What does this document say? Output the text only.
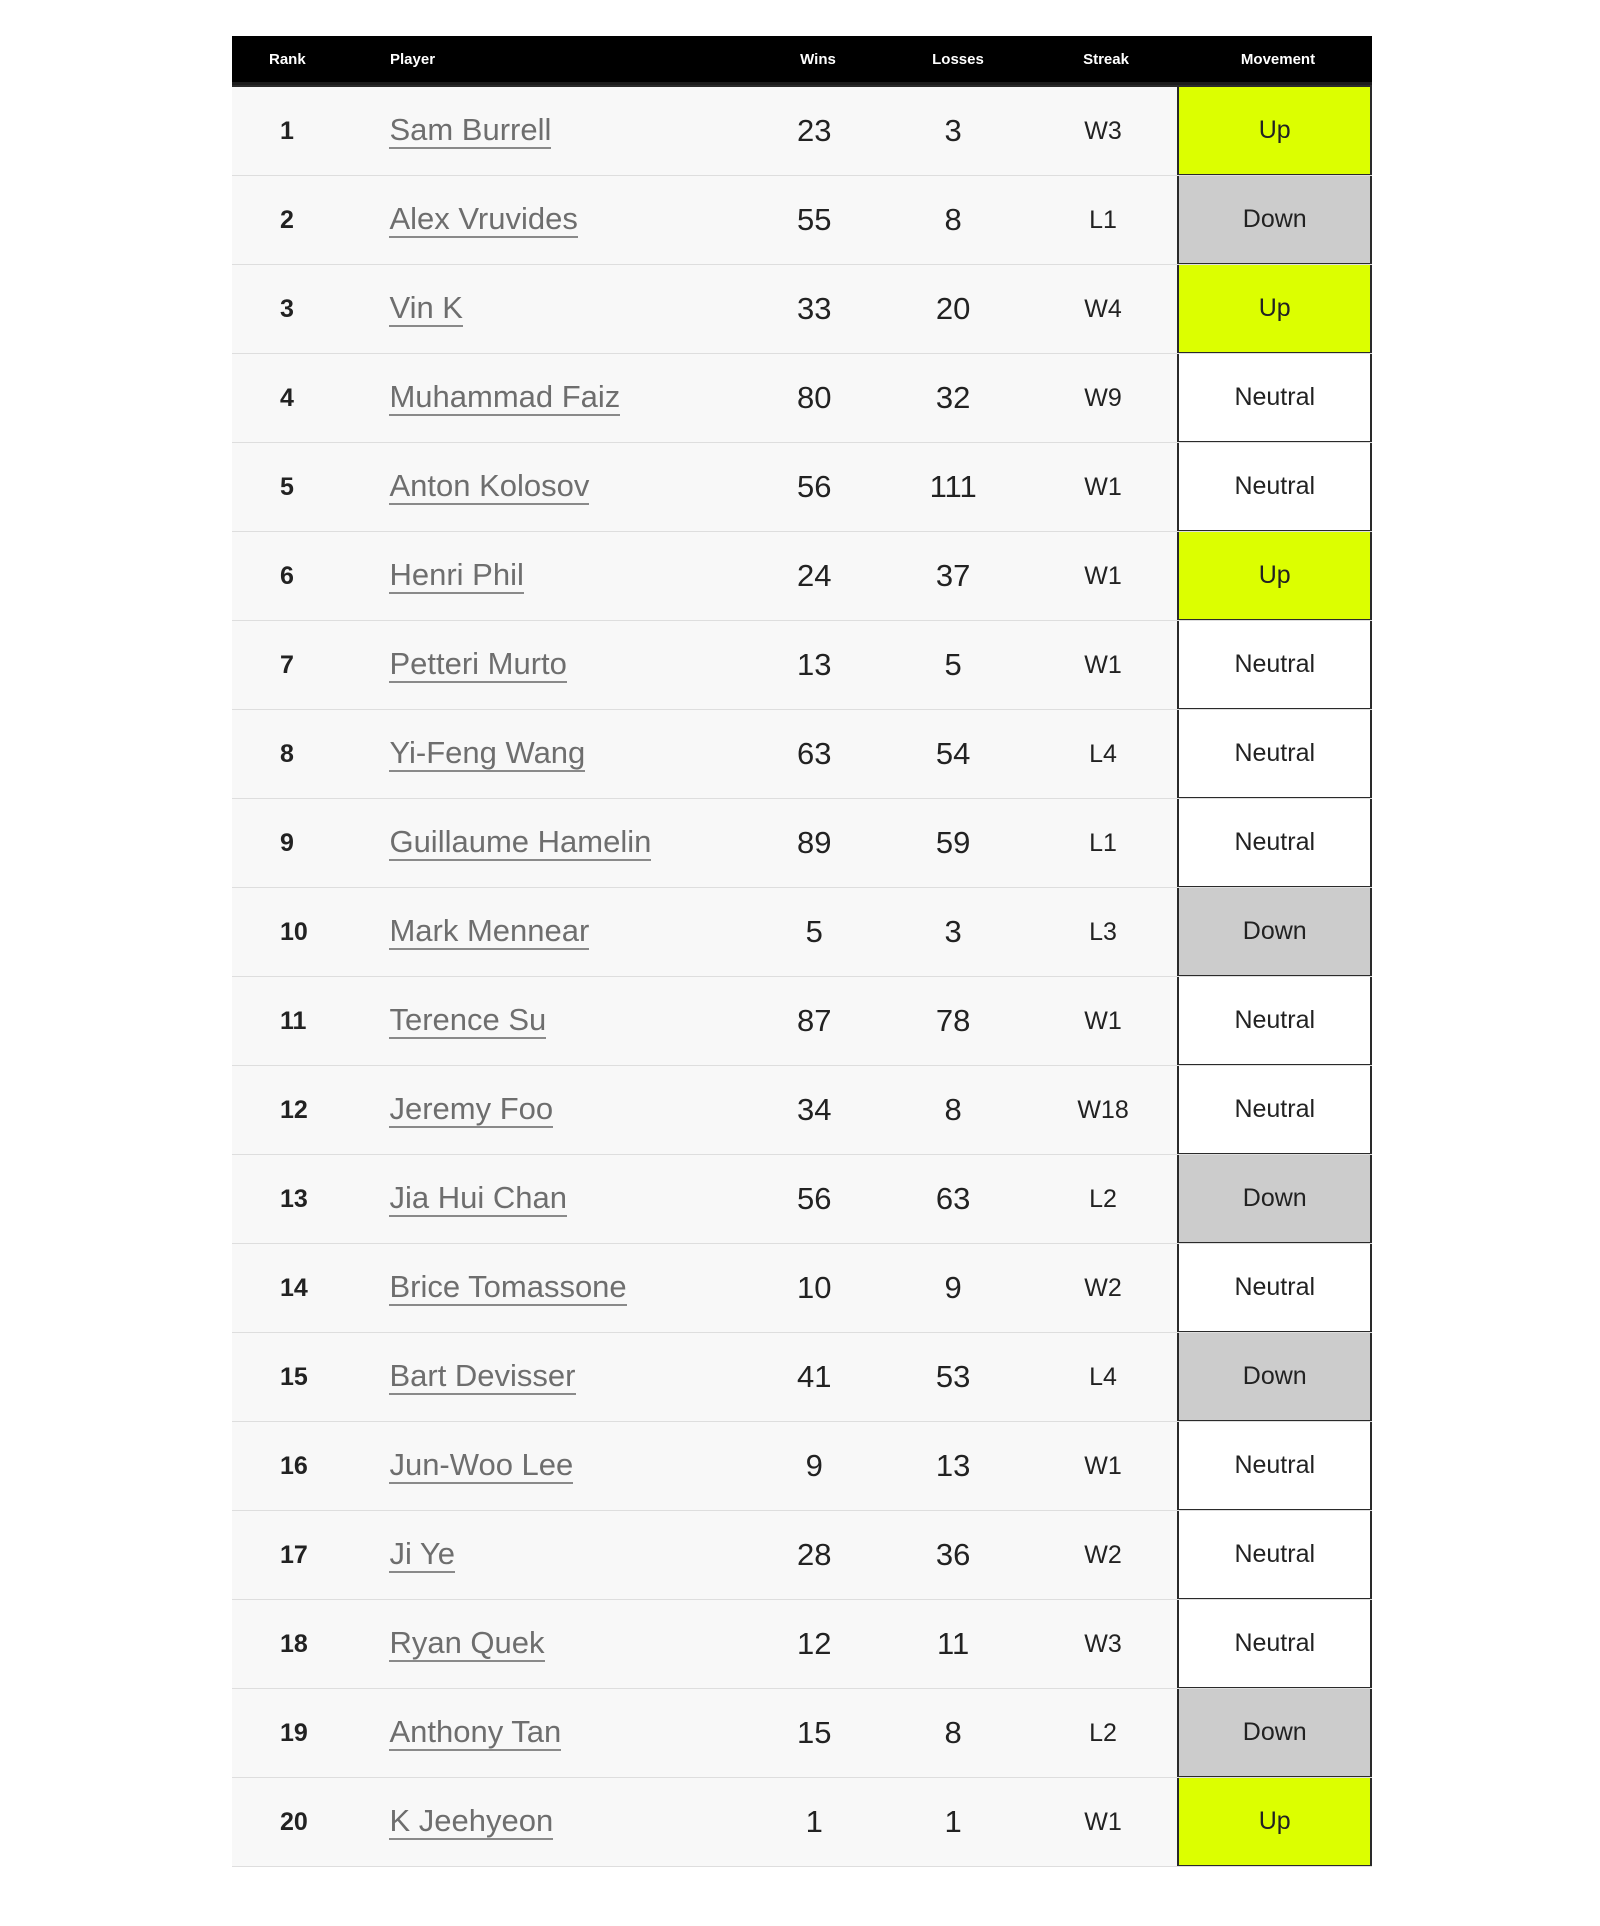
Rank	Player	Wins	Losses	Streak	Movement
1	Sam Burrell	23	3	W3	Up
2	Alex Vruvides	55	8	L1	Down
3	Vin K	33	20	W4	Up
4	Muhammad Faiz	80	32	W9	Neutral
5	Anton Kolosov	56	111	W1	Neutral
6	Henri Phil	24	37	W1	Up
7	Petteri Murto	13	5	W1	Neutral
8	Yi-Feng Wang	63	54	L4	Neutral
9	Guillaume Hamelin	89	59	L1	Neutral
10	Mark Mennear	5	3	L3	Down
11	Terence Su	87	78	W1	Neutral
12	Jeremy Foo	34	8	W18	Neutral
13	Jia Hui Chan	56	63	L2	Down
14	Brice Tomassone	10	9	W2	Neutral
15	Bart Devisser	41	53	L4	Down
16	Jun-Woo Lee	9	13	W1	Neutral
17	Ji Ye	28	36	W2	Neutral
18	Ryan Quek	12	11	W3	Neutral
19	Anthony Tan	15	8	L2	Down
20	K Jeehyeon	1	1	W1	Up
